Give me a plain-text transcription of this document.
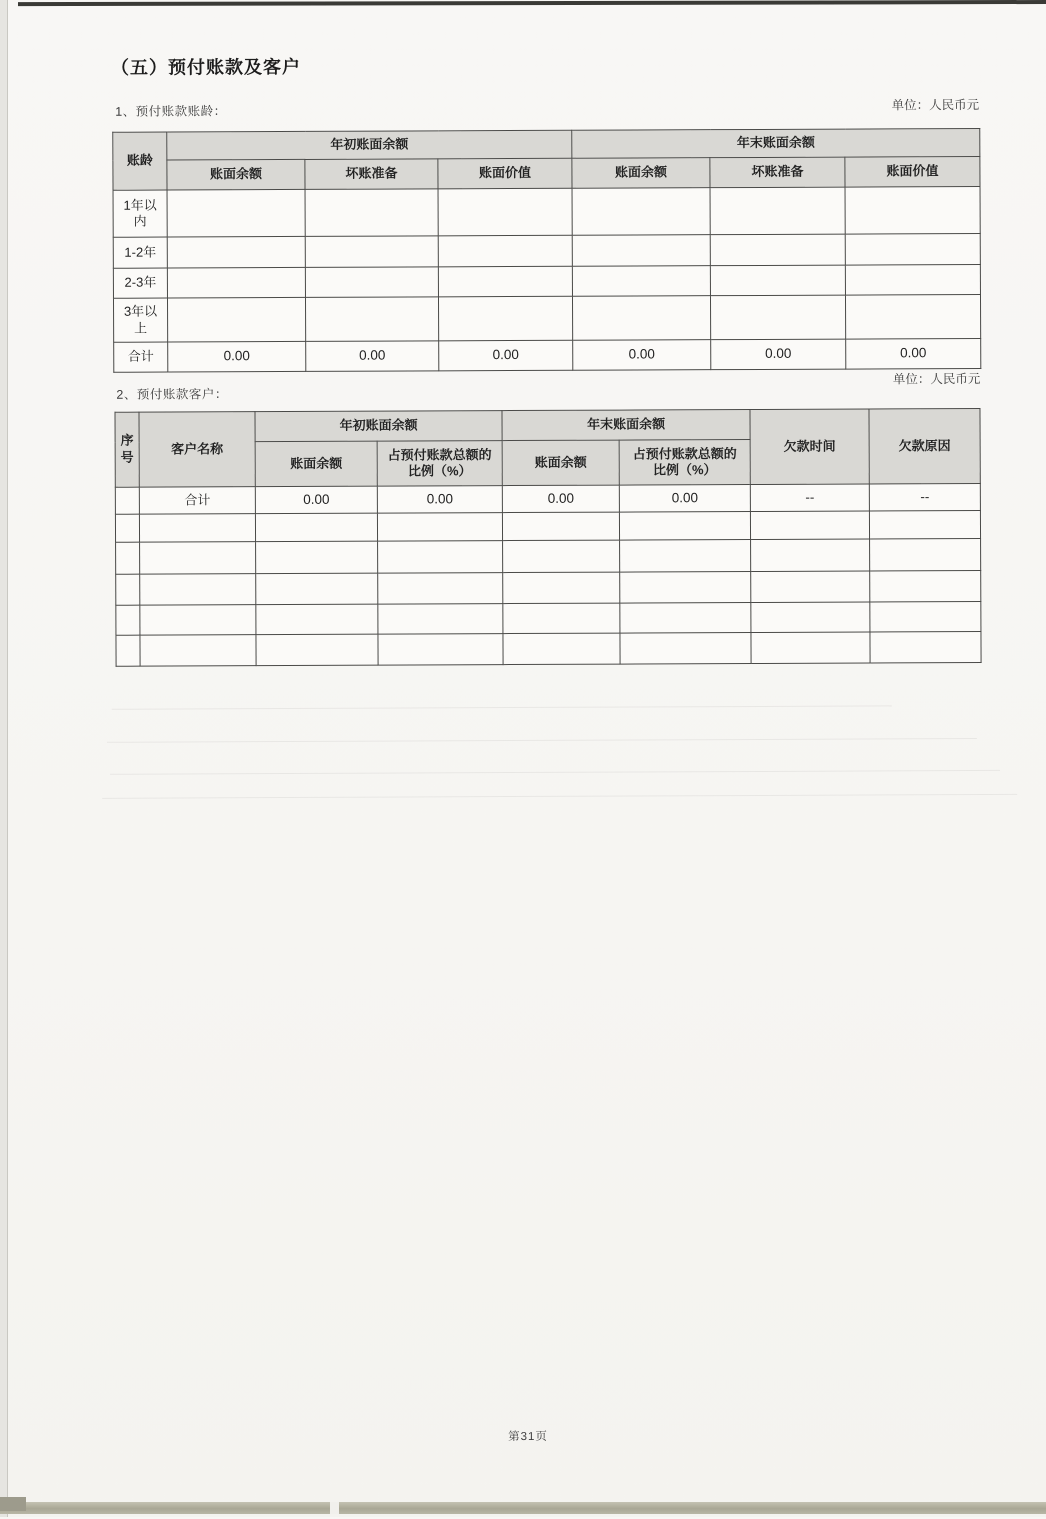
（五）预付账款及客户
1、预付账款账龄：	单位：人民币元
账龄	年初账面余额			年末账面余额		
	账面余额	坏账准备	账面价值	账面余额	坏账准备	账面价值
1年以内						
1-2年						
2-3年						
3年以上						
合计	0.00	0.00	0.00	0.00	0.00	0.00
单位：人民币元
2、预付账款客户：
序号	客户名称	年初账面余额		年末账面余额		欠款时间	欠款原因
		账面余额	占预付账款总额的比例（%）	账面余额	占预付账款总额的比例（%）		
	合计	0.00	0.00	0.00	0.00	--	--

第31页
